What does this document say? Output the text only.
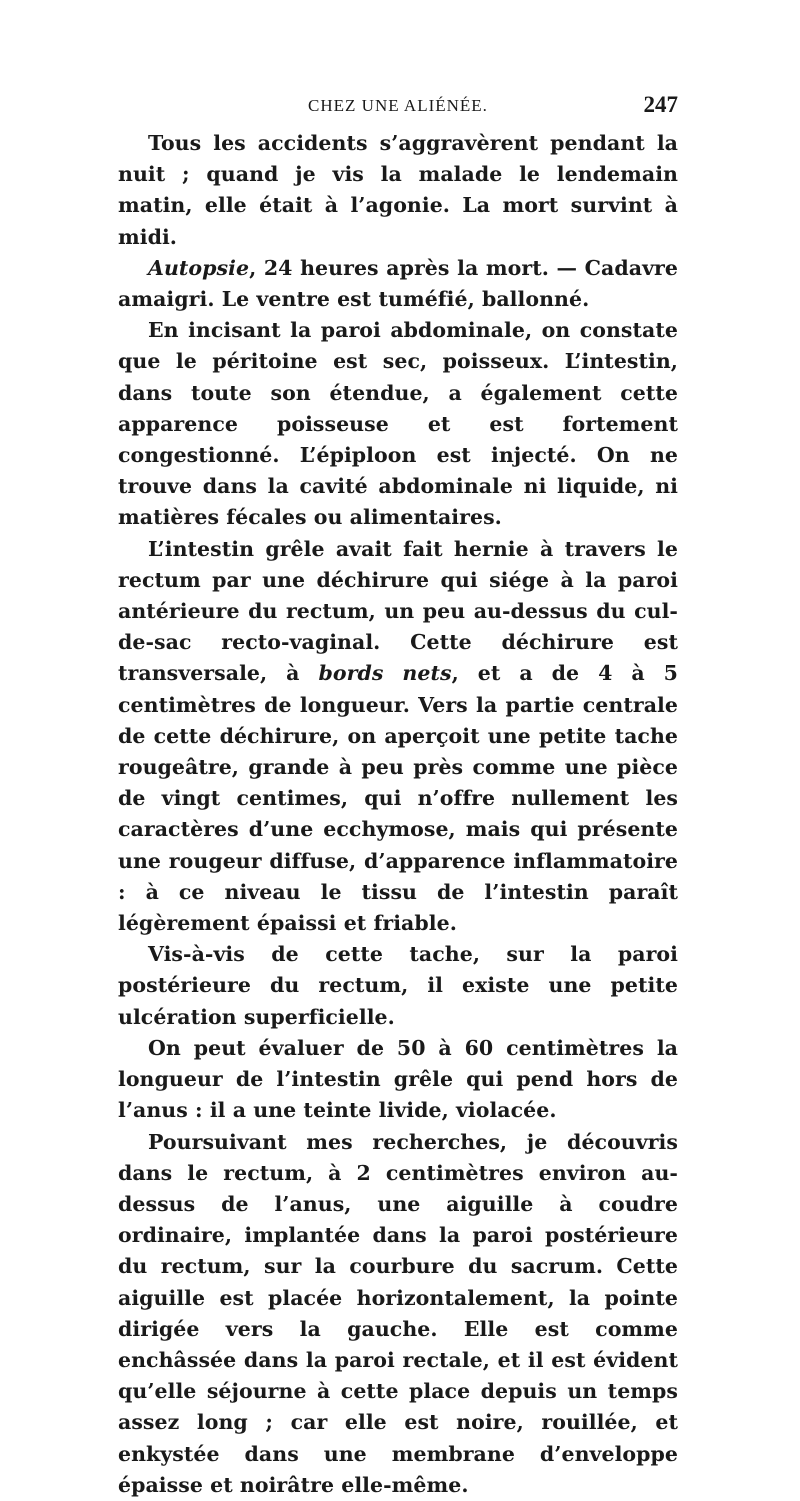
CHEZ UNE ALIÉNÉE.	247

Tous les accidents s’aggravèrent pendant la nuit ; quand je vis la malade le lendemain matin, elle était à l’agonie. La mort survint à midi.

Autopsie, 24 heures après la mort. — Cadavre amaigri. Le ventre est tuméfié, ballonné.

En incisant la paroi abdominale, on constate que le péritoine est sec, poisseux. L’intestin, dans toute son étendue, a également cette apparence poisseuse et est fortement congestionné. L’épiploon est injecté. On ne trouve dans la cavité abdominale ni liquide, ni matières fécales ou alimentaires.

L’intestin grêle avait fait hernie à travers le rectum par une déchirure qui siége à la paroi antérieure du rectum, un peu au-dessus du cul-de-sac recto-vaginal. Cette déchirure est transversale, à bords nets, et a de 4 à 5 centimètres de longueur. Vers la partie centrale de cette déchirure, on aperçoit une petite tache rougeâtre, grande à peu près comme une pièce de vingt centimes, qui n’offre nullement les caractères d’une ecchymose, mais qui présente une rougeur diffuse, d’apparence inflammatoire : à ce niveau le tissu de l’intestin paraît légèrement épaissi et friable.

Vis-à-vis de cette tache, sur la paroi postérieure du rectum, il existe une petite ulcération superficielle.

On peut évaluer de 50 à 60 centimètres la longueur de l’intestin grêle qui pend hors de l’anus : il a une teinte livide, violacée.

Poursuivant mes recherches, je découvris dans le rectum, à 2 centimètres environ au-dessus de l’anus, une aiguille à coudre ordinaire, implantée dans la paroi postérieure du rectum, sur la courbure du sacrum. Cette aiguille est placée horizontalement, la pointe dirigée vers la gauche. Elle est comme enchâssée dans la paroi rectale, et il est évident qu’elle séjourne à cette place depuis un temps assez long ; car elle est noire, rouillée, et enkystée dans une membrane d’enveloppe épaisse et noirâtre elle-même.
